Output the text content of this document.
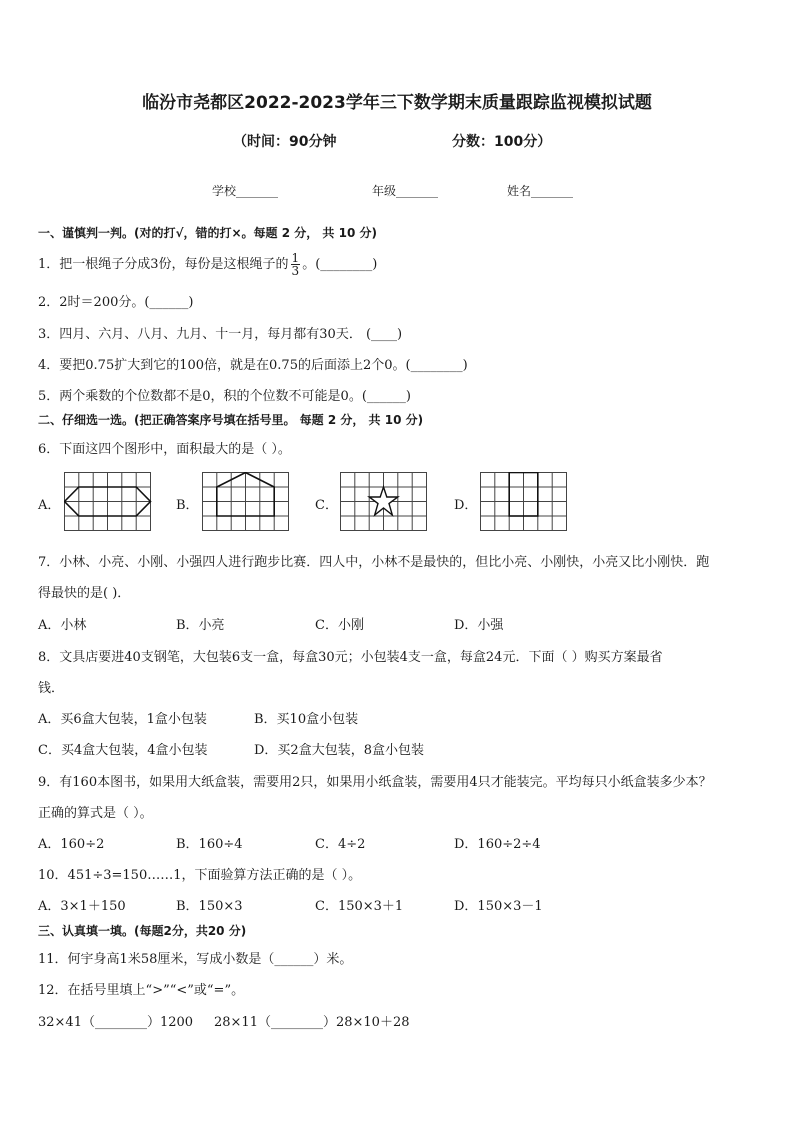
临汾市尧都区2022-2023学年三下数学期末质量跟踪监视模拟试题
（时间：90分钟	分数：100分）
学校_______	年级_______	姓名_______
一、谨慎判一判。(对的打√，错的打×。每题 2 分， 共 10 分)
1．把一根绳子分成3份，每份是这根绳子的 $\frac{1}{3}$ 。(________)
2．2时＝200分。(______)
3．四月、六月、八月、九月、十一月，每月都有30天． (____)
4．要把0.75扩大到它的100倍，就是在0.75的后面添上2个0。(________)
5．两个乘数的个位数都不是0，积的个位数不可能是0。(______)
二、仔细选一选。(把正确答案序号填在括号里。 每题 2 分， 共 10 分)
6．下面这四个图形中，面积最大的是（ ）。
A．	B．	C．	D．
7．小林、小亮、小刚、小强四人进行跑步比赛．四人中，小林不是最快的，但比小亮、小刚快，小亮又比小刚快．跑
得最快的是( )．
A．小林	B．小亮	C．小刚	D．小强
8．文具店要进40支钢笔，大包装6支一盒，每盒30元；小包装4支一盒，每盒24元．下面（ ）购买方案最省
钱．
A．买6盒大包装，1盒小包装	B．买10盒小包装
C．买4盒大包装，4盒小包装	D．买2盒大包装，8盒小包装
9．有160本图书，如果用大纸盒装，需要用2只，如果用小纸盒装，需要用4只才能装完。平均每只小纸盒装多少本？
正确的算式是（ ）。
A．160÷2	B．160÷4	C．4÷2	D．160÷2÷4
10．451÷3=150……1，下面验算方法正确的是（ ）。
A．3×1＋150	B．150×3	C．150×3＋1	D．150×3－1
三、认真填一填。(每题2分，共20 分)
11．何宇身高1米58厘米，写成小数是（______）米。
12．在括号里填上“>”“<”或“=”。
32×41（________）1200 28×11（________）28×10＋28
